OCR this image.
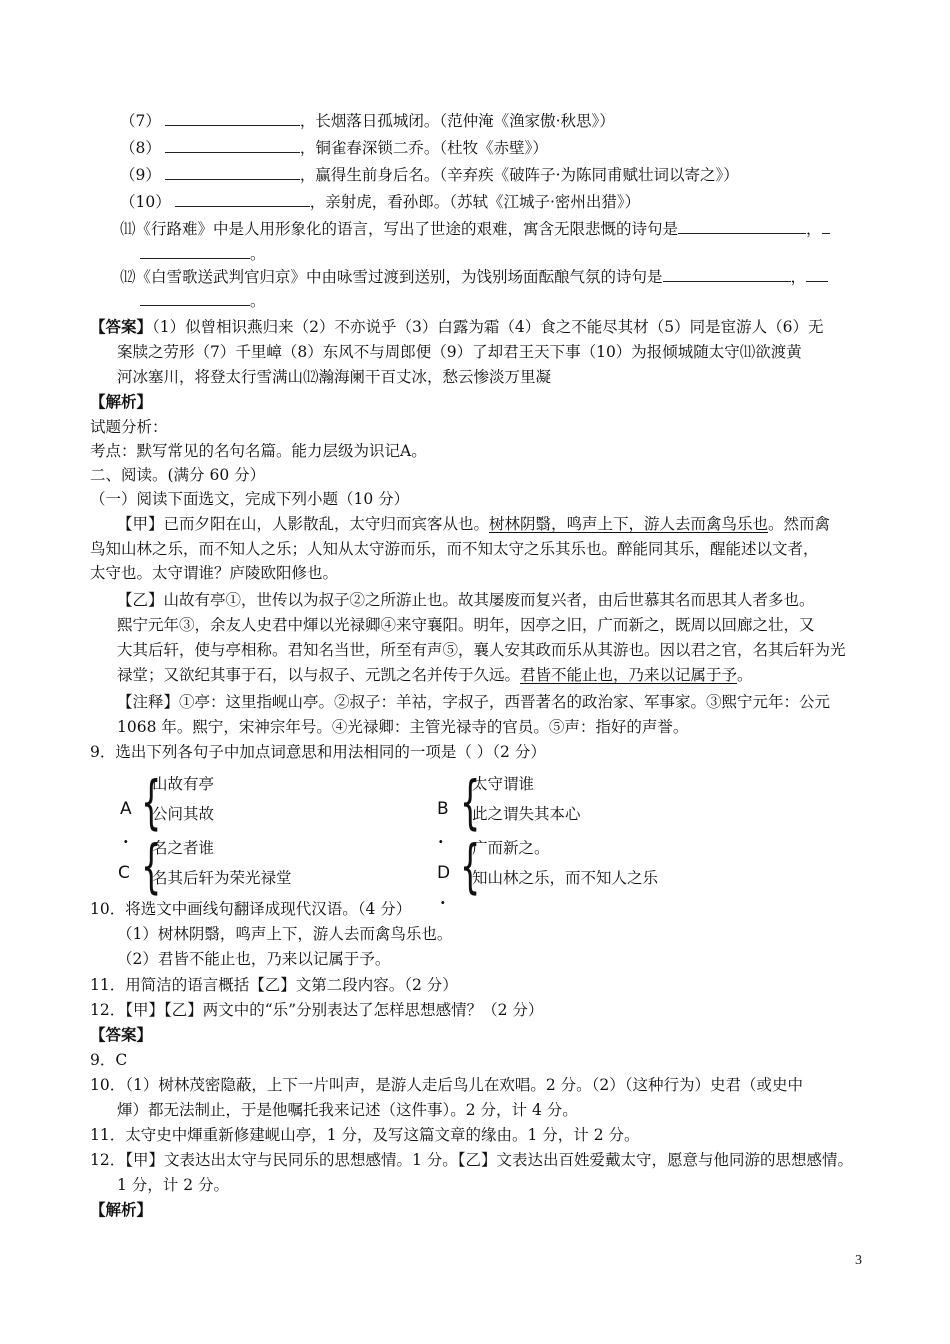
（7）	，长烟落日孤城闭。（范仲淹《渔家傲·秋思》）
（8）	，铜雀春深锁二乔。（杜牧《赤壁》）
（9）	，赢得生前身后名。（辛弃疾《破阵子·为陈同甫赋壮词以寄之》）
（10）	，亲射虎，看孙郎。（苏轼《江城子·密州出猎》）
⑾《行路难》中是人用形象化的语言，写出了世途的艰难，寓含无限悲慨的诗句是	，
。
⑿《白雪歌送武判官归京》中由咏雪过渡到送别，为饯别场面酝酿气氛的诗句是	，
。
【答案】（1）似曾相识燕归来（2）不亦说乎（3）白露为霜（4）食之不能尽其材（5）同是宦游人（6）无
案牍之劳形（7）千里嶂（8）东风不与周郎便（9）了却君王天下事（10）为报倾城随太守⑾欲渡黄
河冰塞川，将登太行雪满山⑿瀚海阑干百丈冰，愁云惨淡万里凝
【解析】
试题分析：
考点：默写常见的名句名篇。能力层级为识记A。
二、阅读。(满分 60 分）
（一）阅读下面选文，完成下列小题（10 分）
【甲】已而夕阳在山，人影散乱，太守归而宾客从也。树林阴翳，鸣声上下，游人去而禽鸟乐也。然而禽
鸟知山林之乐，而不知人之乐；人知从太守游而乐，而不知太守之乐其乐也。醉能同其乐，醒能述以文者，
太守也。太守谓谁？庐陵欧阳修也。
【乙】山故有亭①，世传以为叔子②之所游止也。故其屡废而复兴者，由后世慕其名而思其人者多也。
熙宁元年③，余友人史君中煇以光禄卿④来守襄阳。明年，因亭之旧，广而新之，既周以回廊之壮，又
大其后轩，使与亭相称。君知名当世，所至有声⑤，襄人安其政而乐从其游也。因以君之官，名其后轩为光
禄堂；又欲纪其事于石，以与叔子、元凯之名并传于久远。君皆不能止也，乃来以记属于予。
【注释】①亭：这里指岘山亭。②叔子：羊祜，字叔子，西晋著名的政治家、军事家。③熙宁元年：公元
1068 年。熙宁，宋神宗年号。④光禄卿：主管光禄寺的官员。⑤声：指好的声誉。
9．选出下列各句子中加点词意思和用法相同的一项是（ ）（2 分）
A {
山故有亭
公问其故
·
B {
太守谓谁
此之谓失其本心
·
C {
名之者谁
名其后轩为荣光禄堂	D {
广而新之。
知山林之乐，而不知人之乐
·
10．将选文中画线句翻译成现代汉语。（4 分）
（1）树林阴翳，鸣声上下，游人去而禽鸟乐也。
（2）君皆不能止也，乃来以记属于予。
11．用简洁的语言概括【乙】文第二段内容。（2 分）
12．【甲】【乙】两文中的“乐”分别表达了怎样思想感情？（2 分）
【答案】
9．C
10．（1）树林茂密隐蔽，上下一片叫声，是游人走后鸟儿在欢唱。2 分。（2）（这种行为）史君（或史中
煇）都无法制止，于是他嘱托我来记述（这件事）。2 分，计 4 分。
11．太守史中煇重新修建岘山亭，1 分，及写这篇文章的缘由。1 分，计 2 分。
12．【甲】文表达出太守与民同乐的思想感情。1 分。【乙】文表达出百姓爱戴太守，愿意与他同游的思想感情。
1 分，计 2 分。
【解析】
3
